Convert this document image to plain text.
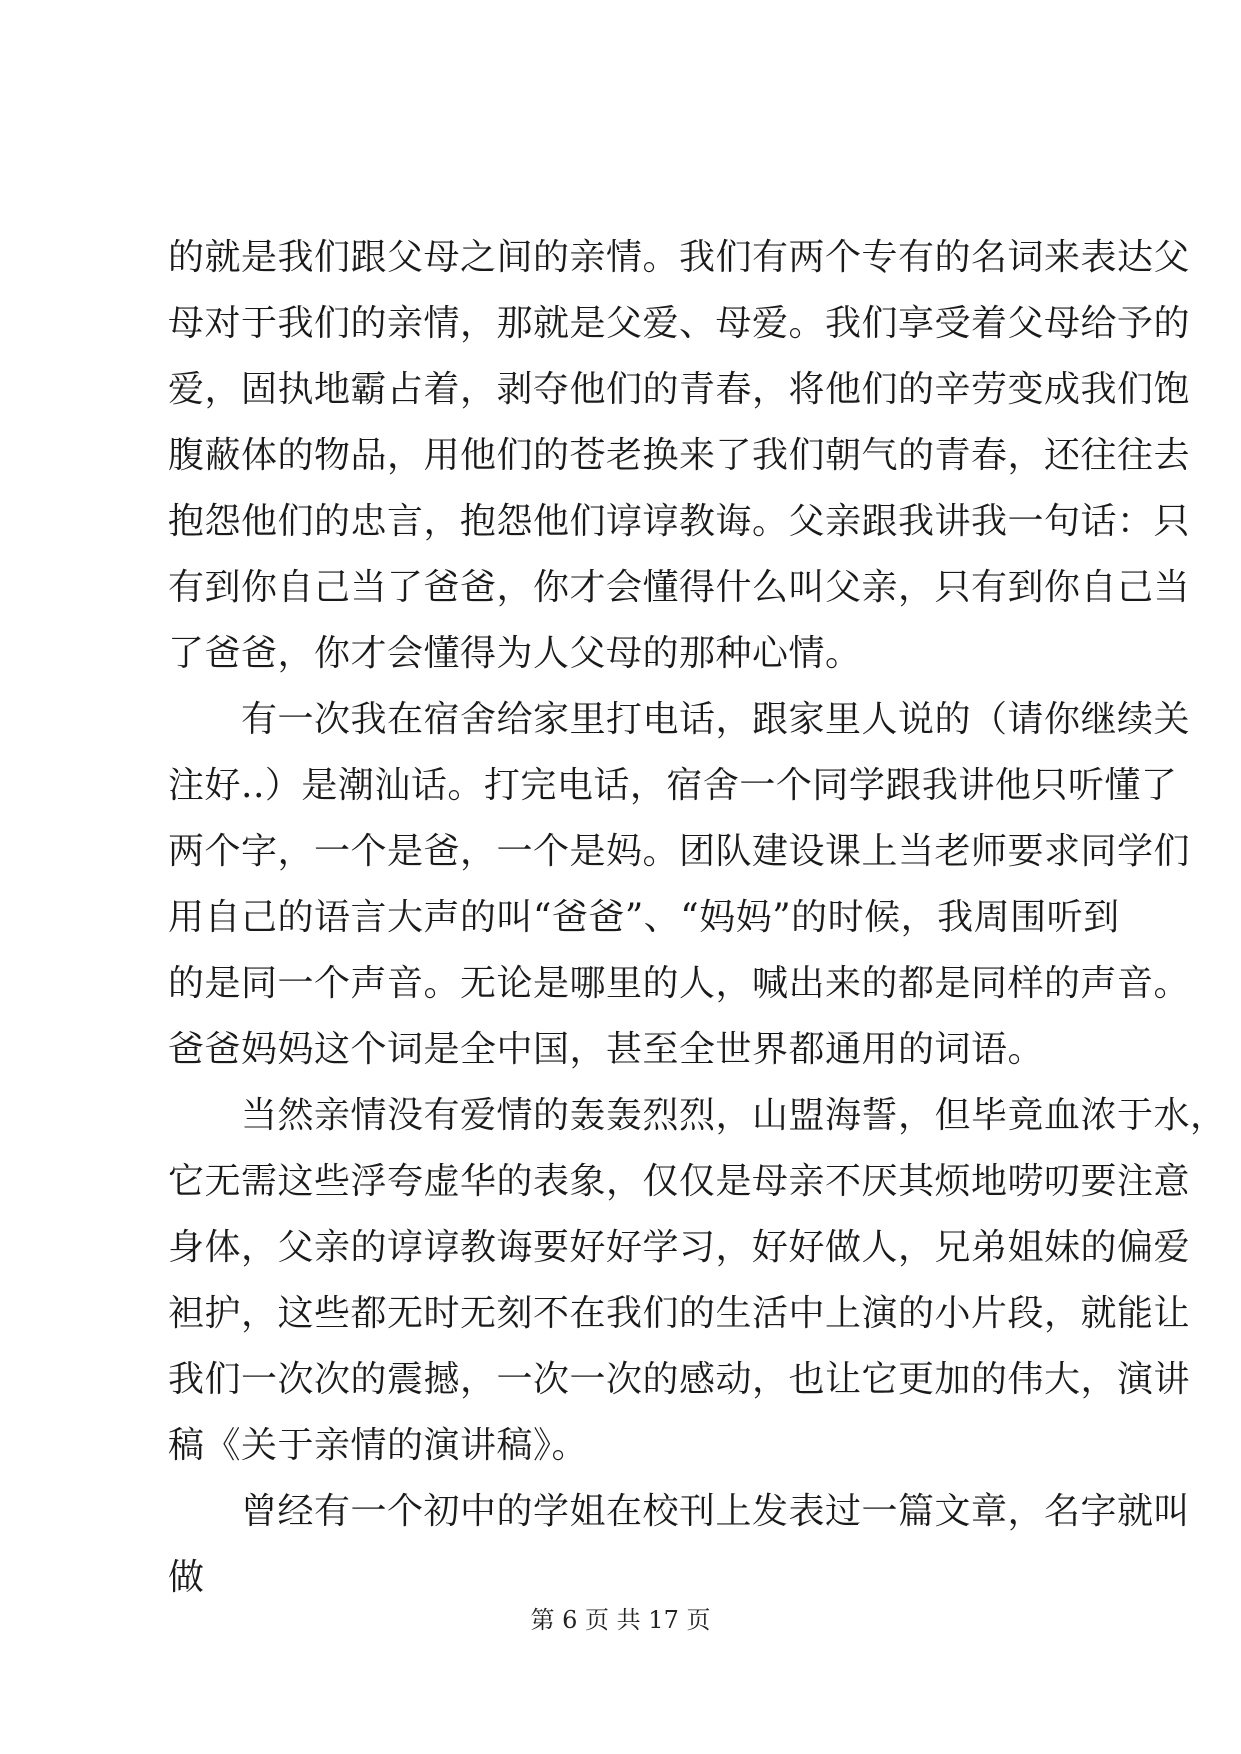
的就是我们跟父母之间的亲情。我们有两个专有的名词来表达父
母对于我们的亲情，那就是父爱、母爱。我们享受着父母给予的
爱，固执地霸占着，剥夺他们的青春，将他们的辛劳变成我们饱
腹蔽体的物品，用他们的苍老换来了我们朝气的青春，还往往去
抱怨他们的忠言，抱怨他们谆谆教诲。父亲跟我讲我一句话：只
有到你自己当了爸爸，你才会懂得什么叫父亲，只有到你自己当
了爸爸，你才会懂得为人父母的那种心情。
　　有一次我在宿舍给家里打电话，跟家里人说的（请你继续关
注好..）是潮汕话。打完电话，宿舍一个同学跟我讲他只听懂了
两个字，一个是爸，一个是妈。团队建设课上当老师要求同学们
用自己的语言大声的叫“爸爸”、“妈妈”的时候，我周围听到
的是同一个声音。无论是哪里的人，喊出来的都是同样的声音。
爸爸妈妈这个词是全中国，甚至全世界都通用的词语。
　　当然亲情没有爱情的轰轰烈烈，山盟海誓，但毕竟血浓于水，
它无需这些浮夸虚华的表象，仅仅是母亲不厌其烦地唠叨要注意
身体，父亲的谆谆教诲要好好学习，好好做人，兄弟姐妹的偏爱
袒护，这些都无时无刻不在我们的生活中上演的小片段，就能让
我们一次次的震撼，一次一次的感动，也让它更加的伟大，演讲
稿《关于亲情的演讲稿》。
　　曾经有一个初中的学姐在校刊上发表过一篇文章，名字就叫
做
第 6 页 共 17 页
